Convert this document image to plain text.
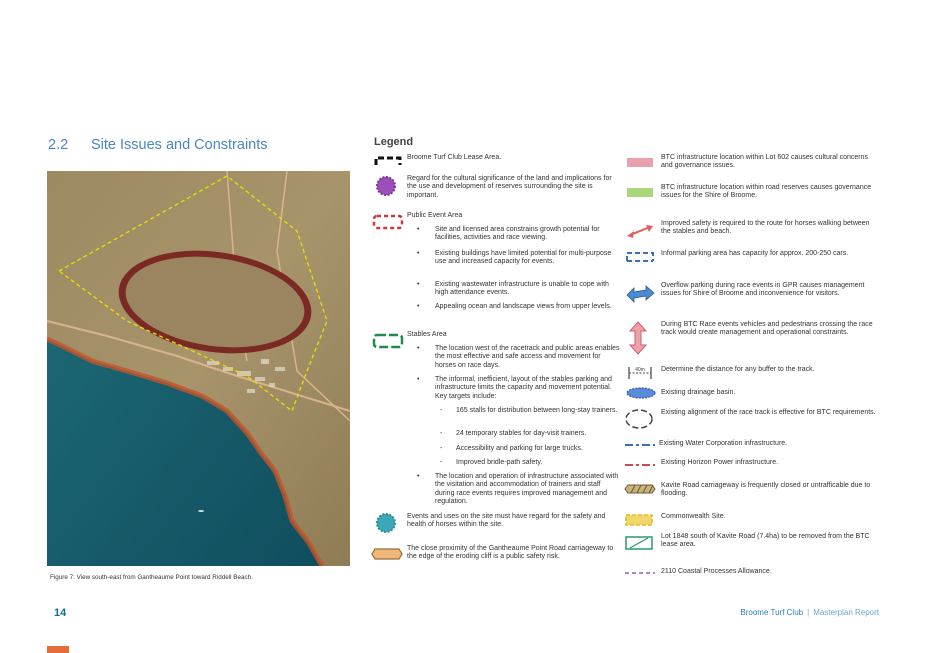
2.2 Site Issues and Constraints
Figure 7: View south-east from Gantheaume Point toward Riddell Beach.
Legend
Broome Turf Club Lease Area.
Regard for the cultural significance of the land and implications for the use and development of reserves surrounding the site is important.
Public Event Area
• Site and licensed area constrains growth potential for facilities, activities and race viewing.
• Existing buildings have limited potential for multi-purpose use and increased capacity for events.
• Existing wastewater infrastructure is unable to cope with high attendance events.
• Appealing ocean and landscape views from upper levels.
Stables Area
• The location west of the racetrack and public areas enables the most effective and safe access and movement for horses on race days.
• The informal, inefficient, layout of the stables parking and infrastructure limits the capacity and movement potential. Key targets include:
- 165 stalls for distribution between long-stay trainers.
- 24 temporary stables for day-visit trainers.
- Accessibility and parking for large trucks.
- Improved bridle-path safety.
• The location and operation of infrastructure associated with the visitation and accommodation of trainers and staff during race events requires improved management and regulation.
Events and uses on the site must have regard for the safety and health of horses within the site.
The close proximity of the Gantheaume Point Road carriageway to the edge of the eroding cliff is a public safety risk.
BTC infrastructure location within Lot 602 causes cultural concerns and governance issues.
BTC infrastructure location within road reserves causes governance issues for the Shire of Broome.
Improved safety is required to the route for horses walking between the stables and beach.
Informal parking area has capacity for approx. 200-250 cars.
Overflow parking during race events in GPR causes management issues for Shire of Broome and inconvenience for visitors.
During BTC Race events vehicles and pedestrians crossing the race track would create management and operational constraints.
40m Determine the distance for any buffer to the track.
Existing drainage basin.
Existing alignment of the race track is effective for BTC requirements.
Existing Water Corporation infrastructure.
Existing Horizon Power infrastructure.
Kavite Road carriageway is frequently closed or untrafficable due to flooding.
Commonwealth Site.
Lot 1848 south of Kavite Road (7.4ha) to be removed from the BTC lease area.
2110 Coastal Processes Allowance.
14	Broome Turf Club | Masterplan Report
